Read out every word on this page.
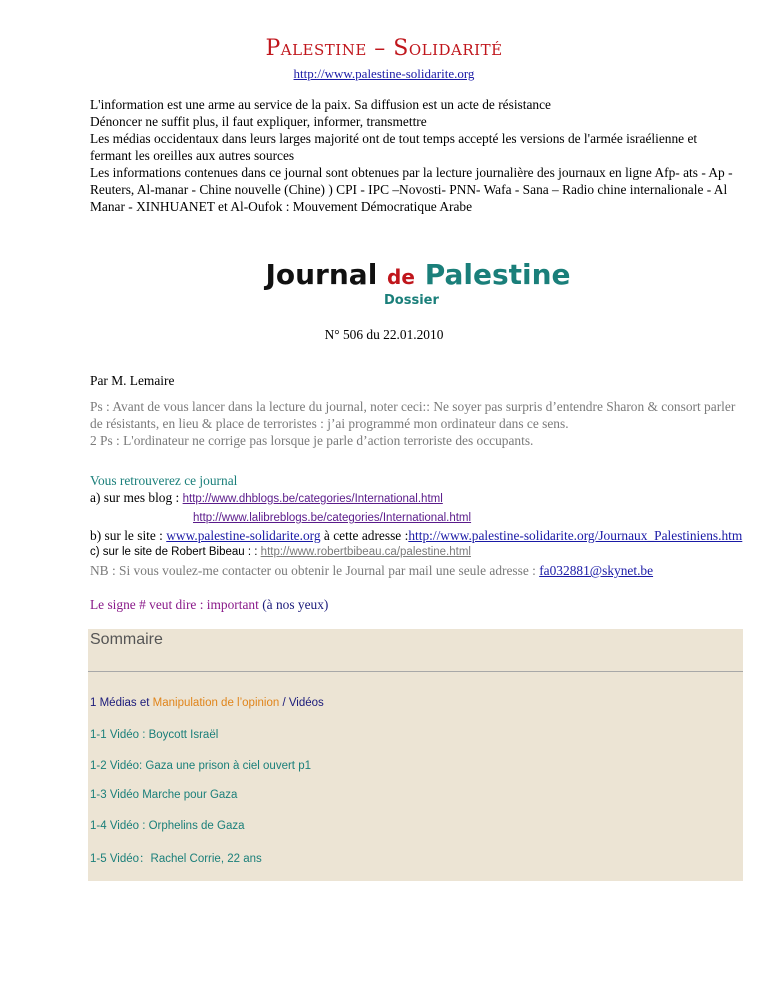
Palestine – Solidarité
http://www.palestine-solidarite.org

L'information est une arme au service de la paix. Sa diffusion est un acte de résistance

Dénoncer ne suffit plus, il faut expliquer, informer, transmettre

Les médias occidentaux dans leurs larges majorité ont de tout temps accepté les versions de l'armée israélienne et fermant les oreilles aux autres sources

Les informations contenues dans ce journal sont obtenues par la lecture journalière des journaux en ligne Afp- ats - Ap - Reuters, Al-manar - Chine nouvelle (Chine) ) CPI - IPC –Novosti- PNN- Wafa - Sana – Radio chine internalionale - Al Manar - XINHUANET et Al-Oufok : Mouvement Démocratique Arabe

Journal de Palestine
Dossier
N° 506 du 22.01.2010
Par M. Lemaire

Ps : Avant de vous lancer dans la lecture du journal, noter ceci:: Ne soyer pas surpris d’entendre Sharon & consort parler de résistants, en lieu & place de terroristes : j’ai programmé mon ordinateur dans ce sens.

2 Ps : L'ordinateur ne corrige pas lorsque je parle d’action terroriste des occupants.

Vous retrouverez ce journal
a) sur mes blog : http://www.dhblogs.be/categories/International.html
http://www.lalibreblogs.be/categories/International.html
b) sur le site : www.palestine-solidarite.org à cette adresse :http://www.palestine-solidarite.org/Journaux_Palestiniens.htm
c) sur le site de Robert Bibeau : : http://www.robertbibeau.ca/palestine.html
NB : Si vous voulez-me contacter ou obtenir le Journal par mail une seule adresse : fa032881@skynet.be
Le signe # veut dire : important (à nos yeux)
Sommaire
1 Médias et Manipulation de l’opinion / Vidéos
1-1 Vidéo : Boycott Israël
1-2 Vidéo: Gaza une prison à ciel ouvert p1
1-3 Vidéo Marche pour Gaza
1-4 Vidéo : Orphelins de Gaza
1-5 Vidéo：Rachel Corrie, 22 ans
